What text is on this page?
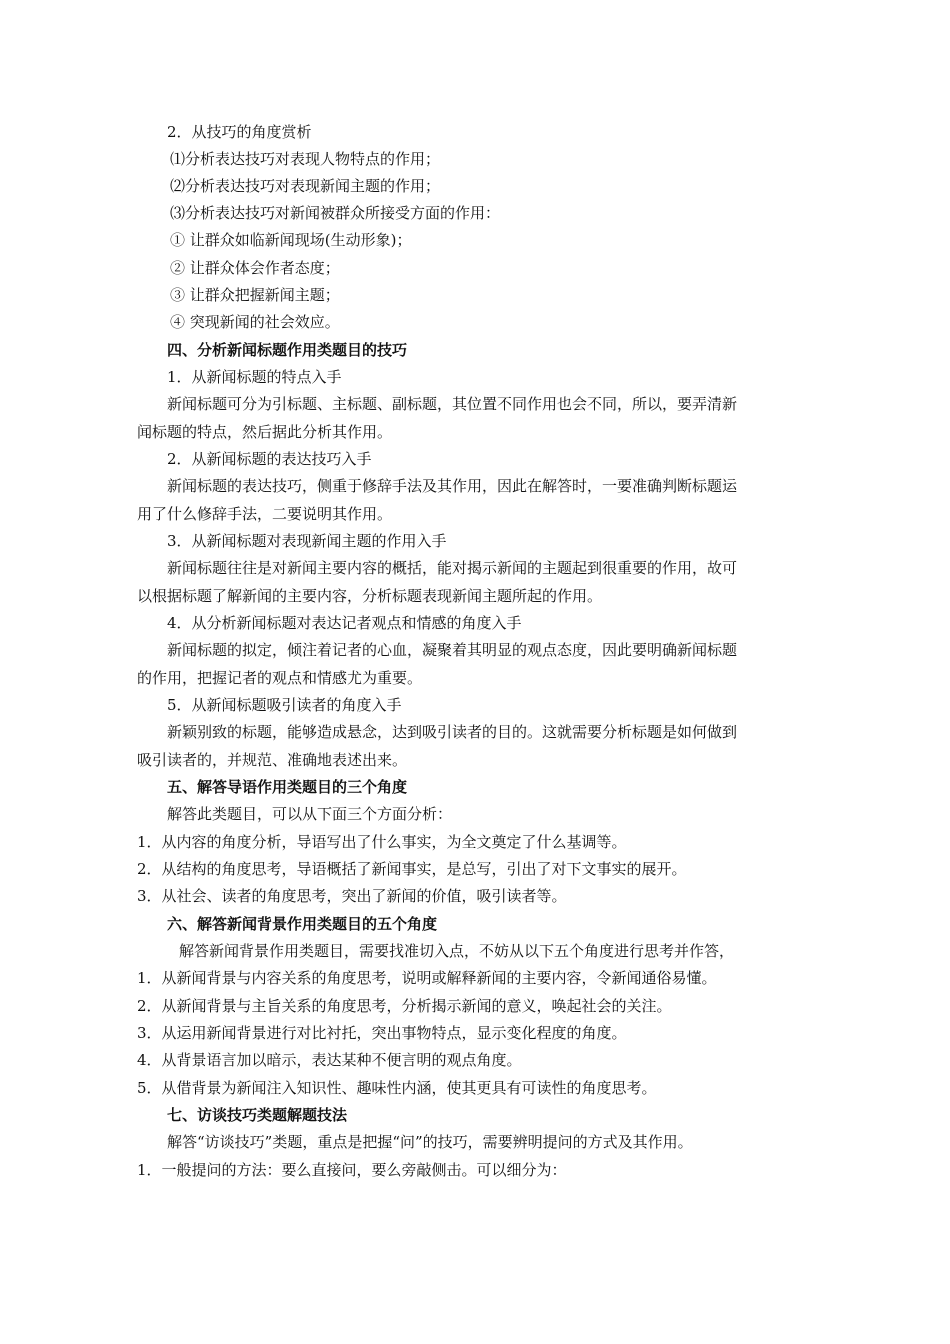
2．从技巧的角度赏析
⑴分析表达技巧对表现人物特点的作用；
⑵分析表达技巧对表现新闻主题的作用；
⑶分析表达技巧对新闻被群众所接受方面的作用：
① 让群众如临新闻现场(生动形象)；
② 让群众体会作者态度；
③ 让群众把握新闻主题；
④ 突现新闻的社会效应。
四、分析新闻标题作用类题目的技巧
1．从新闻标题的特点入手
新闻标题可分为引标题、主标题、副标题，其位置不同作用也会不同，所以，要弄清新
闻标题的特点，然后据此分析其作用。
2．从新闻标题的表达技巧入手
新闻标题的表达技巧，侧重于修辞手法及其作用，因此在解答时，一要准确判断标题运
用了什么修辞手法，二要说明其作用。
3．从新闻标题对表现新闻主题的作用入手
新闻标题往往是对新闻主要内容的概括，能对揭示新闻的主题起到很重要的作用，故可
以根据标题了解新闻的主要内容，分析标题表现新闻主题所起的作用。
4．从分析新闻标题对表达记者观点和情感的角度入手
新闻标题的拟定，倾注着记者的心血，凝聚着其明显的观点态度，因此要明确新闻标题
的作用，把握记者的观点和情感尤为重要。
5．从新闻标题吸引读者的角度入手
新颖别致的标题，能够造成悬念，达到吸引读者的目的。这就需要分析标题是如何做到
吸引读者的，并规范、准确地表述出来。
五、解答导语作用类题目的三个角度
解答此类题目，可以从下面三个方面分析：
1．从内容的角度分析，导语写出了什么事实，为全文奠定了什么基调等。
2．从结构的角度思考，导语概括了新闻事实，是总写，引出了对下文事实的展开。
3．从社会、读者的角度思考，突出了新闻的价值，吸引读者等。
六、解答新闻背景作用类题目的五个角度
解答新闻背景作用类题目，需要找准切入点，不妨从以下五个角度进行思考并作答，
1．从新闻背景与内容关系的角度思考，说明或解释新闻的主要内容，令新闻通俗易懂。
2．从新闻背景与主旨关系的角度思考，分析揭示新闻的意义，唤起社会的关注。
3．从运用新闻背景进行对比衬托，突出事物特点，显示变化程度的角度。
4．从背景语言加以暗示，表达某种不便言明的观点角度。
5．从借背景为新闻注入知识性、趣味性内涵，使其更具有可读性的角度思考。
七、访谈技巧类题解题技法
解答“访谈技巧”类题，重点是把握“问”的技巧，需要辨明提问的方式及其作用。
1．一般提问的方法：要么直接问，要么旁敲侧击。可以细分为：
